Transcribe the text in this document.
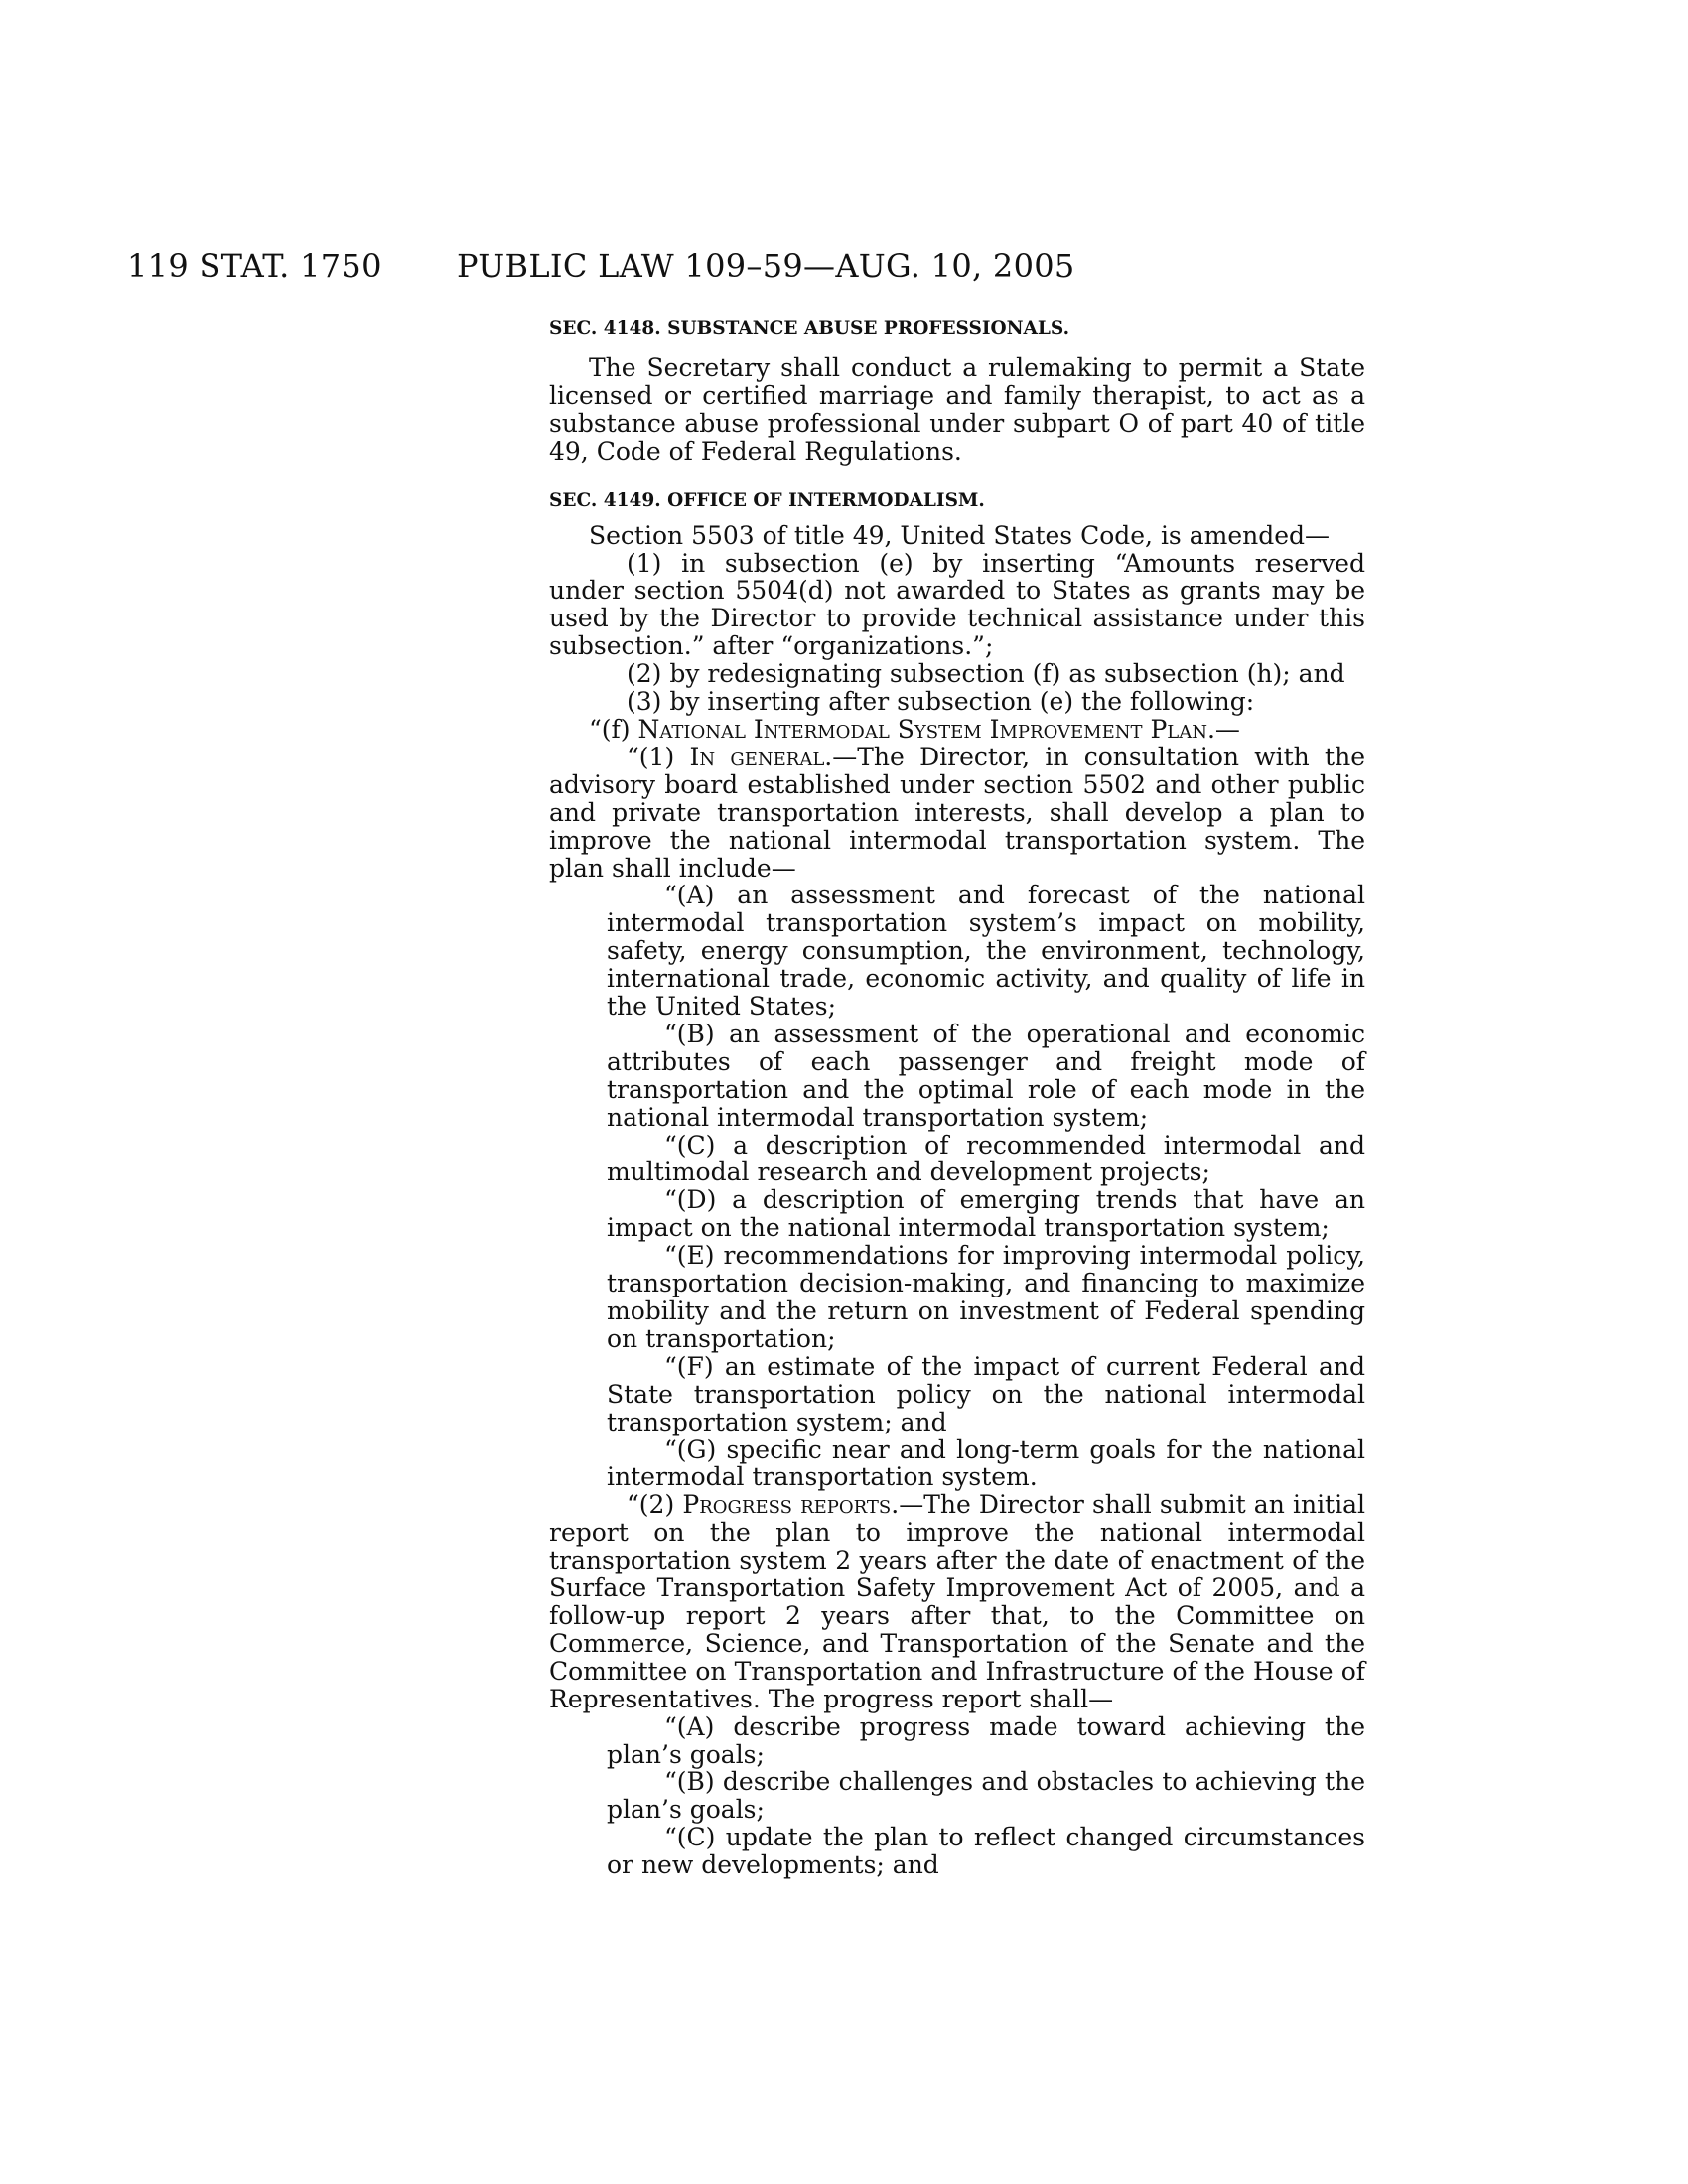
119 STAT. 1750 PUBLIC LAW 109–59—AUG. 10, 2005
SEC. 4148. SUBSTANCE ABUSE PROFESSIONALS.

The Secretary shall conduct a rulemaking to permit a State licensed or certified marriage and family therapist, to act as a substance abuse professional under subpart O of part 40 of title 49, Code of Federal Regulations.

SEC. 4149. OFFICE OF INTERMODALISM.

Section 5503 of title 49, United States Code, is amended—

(1) in subsection (e) by inserting “Amounts reserved under section 5504(d) not awarded to States as grants may be used by the Director to provide technical assistance under this subsection.” after “organizations.”;

(2) by redesignating subsection (f) as subsection (h); and

(3) by inserting after subsection (e) the following:

“(f) National Intermodal System Improvement Plan.—

“(1) In general.—The Director, in consultation with the advisory board established under section 5502 and other public and private transportation interests, shall develop a plan to improve the national intermodal transportation system. The plan shall include—

“(A) an assessment and forecast of the national intermodal transportation system’s impact on mobility, safety, energy consumption, the environment, technology, international trade, economic activity, and quality of life in the United States;

“(B) an assessment of the operational and economic attributes of each passenger and freight mode of transportation and the optimal role of each mode in the national intermodal transportation system;

“(C) a description of recommended intermodal and multimodal research and development projects;

“(D) a description of emerging trends that have an impact on the national intermodal transportation system;

“(E) recommendations for improving intermodal policy, transportation decision-making, and financing to maximize mobility and the return on investment of Federal spending on transportation;

“(F) an estimate of the impact of current Federal and State transportation policy on the national intermodal transportation system; and

“(G) specific near and long-term goals for the national intermodal transportation system.

“(2) Progress reports.—The Director shall submit an initial report on the plan to improve the national intermodal transportation system 2 years after the date of enactment of the Surface Transportation Safety Improvement Act of 2005, and a follow-up report 2 years after that, to the Committee on Commerce, Science, and Transportation of the Senate and the Committee on Transportation and Infrastructure of the House of Representatives. The progress report shall—

“(A) describe progress made toward achieving the plan’s goals;

“(B) describe challenges and obstacles to achieving the plan’s goals;

“(C) update the plan to reflect changed circumstances or new developments; and
